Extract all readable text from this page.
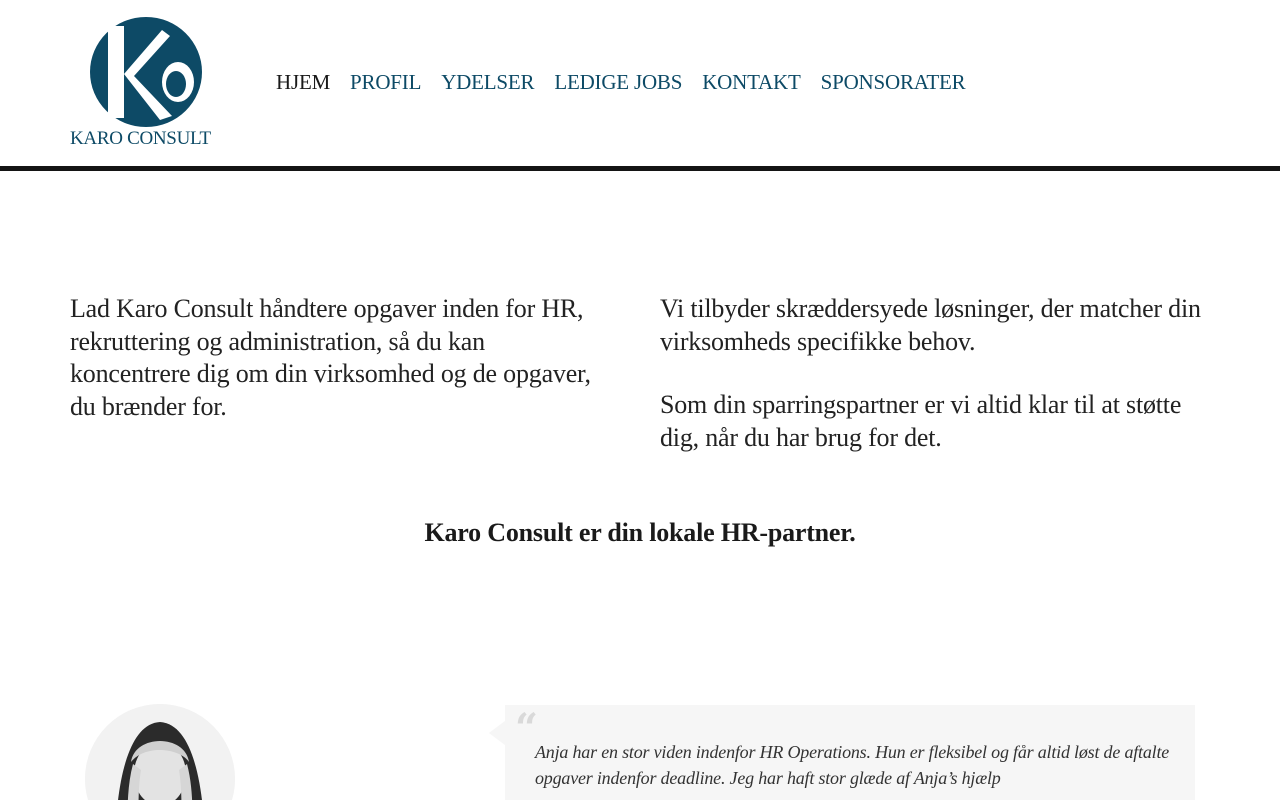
KARO CONSULT
HJEM PROFIL YDELSER LEDIGE JOBS KONTAKT SPONSORATER

Lad Karo Consult håndtere opgaver inden for HR, rekruttering og administration, så du kan koncentrere dig om din virksomhed og de opgaver, du brænder for.

Vi tilbyder skræddersyede løsninger, der matcher din virksomheds specifikke behov.

Som din sparringspartner er vi altid klar til at støtte dig, når du har brug for det.

Karo Consult er din lokale HR-partner.
“

Anja har en stor viden indenfor HR Operations. Hun er fleksibel og får altid løst de aftalte opgaver indenfor deadline. Jeg har haft stor glæde af Anja’s hjælp
